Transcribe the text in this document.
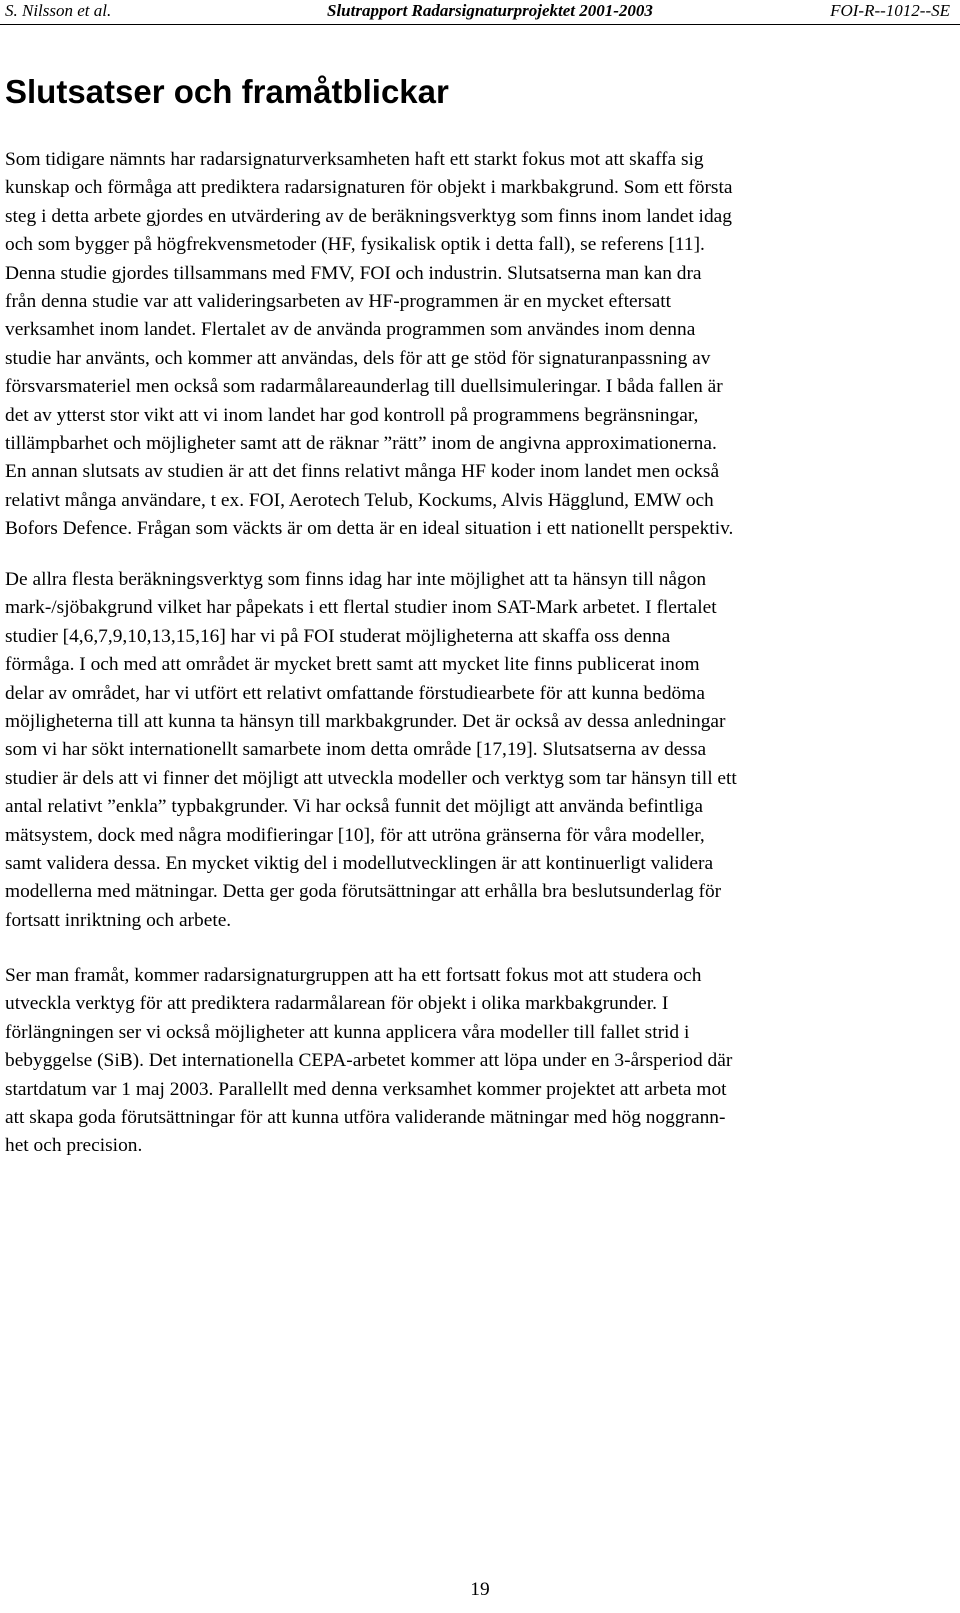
S. Nilsson et al.	Slutrapport Radarsignaturprojektet 2001-2003	FOI-R--1012--SE
Slutsatser och framåtblickar

Som tidigare nämnts har radarsignaturverksamheten haft ett starkt fokus mot att skaffa sig
kunskap och förmåga att prediktera radarsignaturen för objekt i markbakgrund. Som ett första
steg i detta arbete gjordes en utvärdering av de beräkningsverktyg som finns inom landet idag
och som bygger på högfrekvensmetoder (HF, fysikalisk optik i detta fall), se referens [11].
Denna studie gjordes tillsammans med FMV, FOI och industrin. Slutsatserna man kan dra
från denna studie var att valideringsarbeten av HF-programmen är en mycket eftersatt
verksamhet inom landet. Flertalet av de använda programmen som användes inom denna
studie har använts, och kommer att användas, dels för att ge stöd för signaturanpassning av
försvarsmateriel men också som radarmålareaunderlag till duellsimuleringar. I båda fallen är
det av ytterst stor vikt att vi inom landet har god kontroll på programmens begränsningar,
tillämpbarhet och möjligheter samt att de räknar ”rätt” inom de angivna approximationerna.
En annan slutsats av studien är att det finns relativt många HF koder inom landet men också
relativt många användare, t ex. FOI, Aerotech Telub, Kockums, Alvis Hägglund, EMW och
Bofors Defence. Frågan som väckts är om detta är en ideal situation i ett nationellt perspektiv.

De allra flesta beräkningsverktyg som finns idag har inte möjlighet att ta hänsyn till någon
mark-/sjöbakgrund vilket har påpekats i ett flertal studier inom SAT-Mark arbetet. I flertalet
studier [4,6,7,9,10,13,15,16] har vi på FOI studerat möjligheterna att skaffa oss denna
förmåga. I och med att området är mycket brett samt att mycket lite finns publicerat inom
delar av området, har vi utfört ett relativt omfattande förstudiearbete för att kunna bedöma
möjligheterna till att kunna ta hänsyn till markbakgrunder. Det är också av dessa anledningar
som vi har sökt internationellt samarbete inom detta område [17,19]. Slutsatserna av dessa
studier är dels att vi finner det möjligt att utveckla modeller och verktyg som tar hänsyn till ett
antal relativt ”enkla” typbakgrunder. Vi har också funnit det möjligt att använda befintliga
mätsystem, dock med några modifieringar [10], för att utröna gränserna för våra modeller,
samt validera dessa. En mycket viktig del i modellutvecklingen är att kontinuerligt validera
modellerna med mätningar. Detta ger goda förutsättningar att erhålla bra beslutsunderlag för
fortsatt inriktning och arbete.

Ser man framåt, kommer radarsignaturgruppen att ha ett fortsatt fokus mot att studera och
utveckla verktyg för att prediktera radarmålarean för objekt i olika markbakgrunder. I
förlängningen ser vi också möjligheter att kunna applicera våra modeller till fallet strid i
bebyggelse (SiB). Det internationella CEPA-arbetet kommer att löpa under en 3-årsperiod där
startdatum var 1 maj 2003. Parallellt med denna verksamhet kommer projektet att arbeta mot
att skapa goda förutsättningar för att kunna utföra validerande mätningar med hög noggrann-
het och precision.

19
